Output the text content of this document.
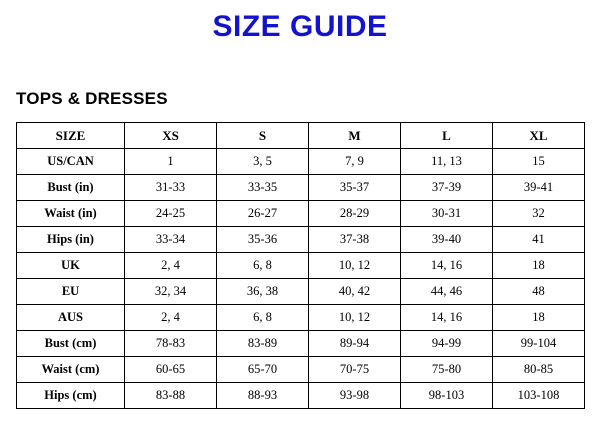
SIZE GUIDE
TOPS & DRESSES
SIZE	XS	S	M	L	XL
US/CAN	1	3, 5	7, 9	11, 13	15
Bust (in)	31-33	33-35	35-37	37-39	39-41
Waist (in)	24-25	26-27	28-29	30-31	32
Hips (in)	33-34	35-36	37-38	39-40	41
UK	2, 4	6, 8	10, 12	14, 16	18
EU	32, 34	36, 38	40, 42	44, 46	48
AUS	2, 4	6, 8	10, 12	14, 16	18
Bust (cm)	78-83	83-89	89-94	94-99	99-104
Waist (cm)	60-65	65-70	70-75	75-80	80-85
Hips (cm)	83-88	88-93	93-98	98-103	103-108
